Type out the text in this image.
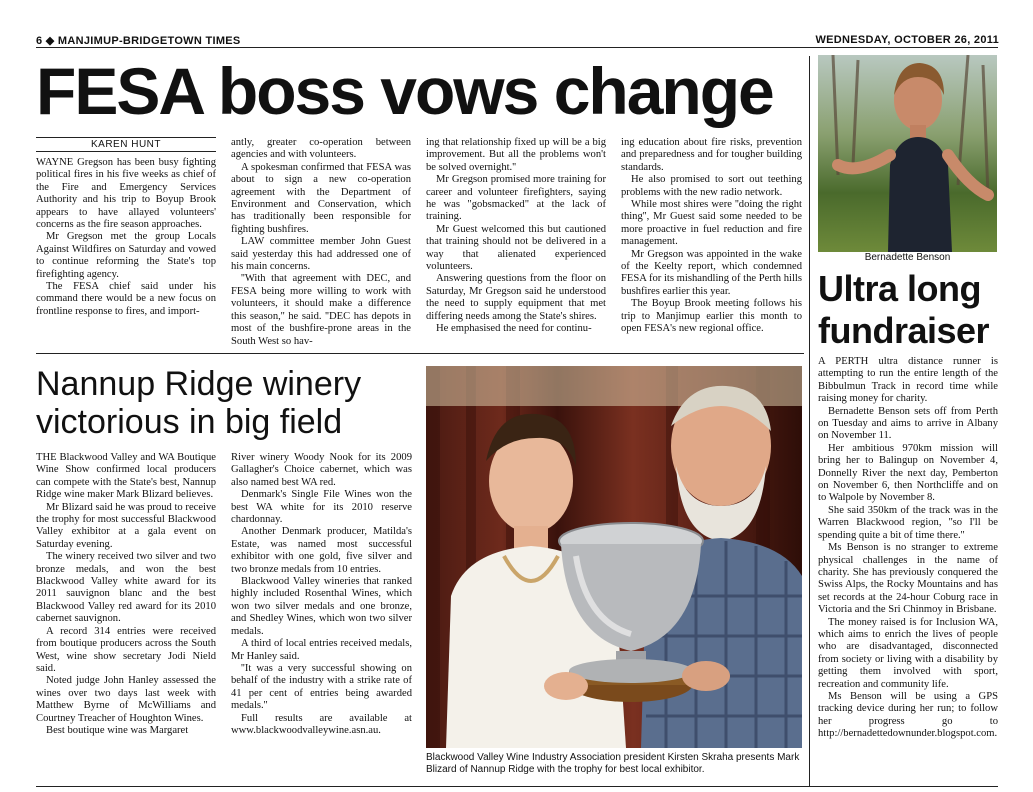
6 ◆ MANJIMUP-BRIDGETOWN TIMES	WEDNESDAY, OCTOBER 26, 2011
FESA boss vows change
KAREN HUNT

WAYNE Gregson has been busy fighting political fires in his five weeks as chief of the Fire and Emergency Services Authority and his trip to Boyup Brook appears to have allayed volunteers' concerns as the fire season approaches.

Mr Gregson met the group Locals Against Wildfires on Saturday and vowed to continue reforming the State's top firefighting agency.

The FESA chief said under his command there would be a new focus on frontline response to fires, and import-

antly, greater co-operation between agencies and with volunteers.

A spokesman confirmed that FESA was about to sign a new co-operation agreement with the Department of Environment and Conservation, which has traditionally been responsible for fighting bushfires.

LAW committee member John Guest said yesterday this had addressed one of his main concerns.

''With that agreement with DEC, and FESA being more willing to work with volunteers, it should make a difference this season,'' he said. ''DEC has depots in most of the bushfire-prone areas in the South West so hav-

ing that relationship fixed up will be a big improvement. But all the problems won't be solved overnight.''

Mr Gregson promised more training for career and volunteer firefighters, saying he was "gobsmacked" at the lack of training.

Mr Guest welcomed this but cautioned that training should not be delivered in a way that alienated experienced volunteers.

Answering questions from the floor on Saturday, Mr Gregson said he understood the need to supply equipment that met differing needs among the State's shires.

He emphasised the need for continu-

ing education about fire risks, prevention and preparedness and for tougher building standards.

He also promised to sort out teething problems with the new radio network.

While most shires were ''doing the right thing'', Mr Guest said some needed to be more proactive in fuel reduction and fire management.

Mr Gregson was appointed in the wake of the Keelty report, which condemned FESA for its mishandling of the Perth hills bushfires earlier this year.

The Boyup Brook meeting follows his trip to Manjimup earlier this month to open FESA's new regional office.

Nannup Ridge winery victorious in big field

THE Blackwood Valley and WA Boutique Wine Show confirmed local producers can compete with the State's best, Nannup Ridge wine maker Mark Blizard believes.

Mr Blizard said he was proud to receive the trophy for most successful Blackwood Valley exhibitor at a gala event on Saturday evening.

The winery received two silver and two bronze medals, and won the best Blackwood Valley white award for its 2011 sauvignon blanc and the best Blackwood Valley red award for its 2010 cabernet sauvignon.

A record 314 entries were received from boutique producers across the South West, wine show secretary Jodi Nield said.

Noted judge John Hanley assessed the wines over two days last week with Matthew Byrne of McWilliams and Courtney Treacher of Houghton Wines.

Best boutique wine was Margaret

River winery Woody Nook for its 2009 Gallagher's Choice cabernet, which was also named best WA red.

Denmark's Single File Wines won the best WA white for its 2010 reserve chardonnay.

Another Denmark producer, Matilda's Estate, was named most successful exhibitor with one gold, five silver and two bronze medals from 10 entries.

Blackwood Valley wineries that ranked highly included Rosenthal Wines, which won two silver medals and one bronze, and Shedley Wines, which won two silver medals.

A third of local entries received medals, Mr Hanley said.

''It was a very successful showing on behalf of the industry with a strike rate of 41 per cent of entries being awarded medals.''

Full results are available at www.blackwoodvalleywine.asn.au.

Blackwood Valley Wine Industry Association president Kirsten Skraha presents Mark Blizard of Nannup Ridge with the trophy for best local exhibitor.
Bernadette Benson
Ultra long fundraiser

A PERTH ultra distance runner is attempting to run the entire length of the Bibbulmun Track in record time while raising money for charity.

Bernadette Benson sets off from Perth on Tuesday and aims to arrive in Albany on November 11.

Her ambitious 970km mission will bring her to Balingup on November 4, Donnelly River the next day, Pemberton on November 6, then Northcliffe and on to Walpole by November 8.

She said 350km of the track was in the Warren Blackwood region, ''so I'll be spending quite a bit of time there.''

Ms Benson is no stranger to extreme physical challenges in the name of charity. She has previously conquered the Swiss Alps, the Rocky Mountains and has set records at the 24-hour Coburg race in Victoria and the Sri Chinmoy in Brisbane.

The money raised is for Inclusion WA, which aims to enrich the lives of people who are disadvantaged, disconnected from society or living with a disability by getting them involved with sport, recreation and community life.

Ms Benson will be using a GPS tracking device during her run; to follow her progress go to http://bernadettedownunder.blogspot.com.
